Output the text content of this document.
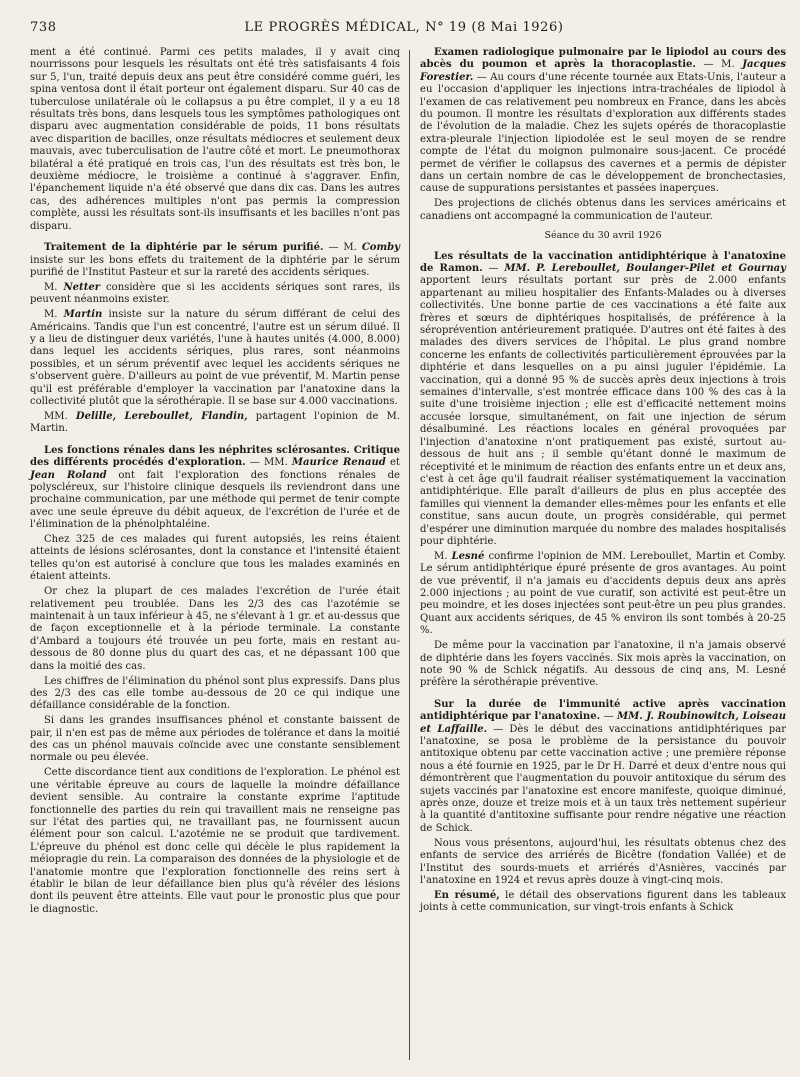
738	LE PROGRÈS MÉDICAL, N° 19 (8 Mai 1926)

ment a été continué. Parmi ces petits malades, il y avait cinq nourrissons pour lesquels les résultats ont été très satisfaisants 4 fois sur 5, l'un, traité depuis deux ans peut être considéré comme guéri, les spina ventosa dont il était porteur ont également disparu. Sur 40 cas de tuberculose unilatérale où le collapsus a pu être complet, il y a eu 18 résultats très bons, dans lesquels tous les symptômes pathologiques ont disparu avec augmentation considérable de poids, 11 bons résultats avec disparition de bacilles, onze résultats médiocres et seulement deux mauvais, avec tuberculisation de l'autre côté et mort. Le pneumothorax bilatéral a été pratiqué en trois cas, l'un des résultats est très bon, le deuxième médiocre, le troisième a continué à s'aggraver. Enfin, l'épanchement liquide n'a été observé que dans dix cas. Dans les autres cas, des adhérences multiples n'ont pas permis la compression complète, aussi les résultats sont-ils insuffisants et les bacilles n'ont pas disparu.

Traitement de la diphtérie par le sérum purifié. — M. Comby insiste sur les bons effets du traitement de la diphtérie par le sérum purifié de l'Institut Pasteur et sur la rareté des accidents sériques.

M. Netter considère que si les accidents sériques sont rares, ils peuvent néanmoins exister.

M. Martin insiste sur la nature du sérum différant de celui des Américains. Tandis que l'un est concentré, l'autre est un sérum dilué. Il y a lieu de distinguer deux variétés, l'une à hautes unités (4.000, 8.000) dans lequel les accidents sériques, plus rares, sont néanmoins possibles, et un sérum préventif avec lequel les accidents sériques ne s'observent guère. D'ailleurs au point de vue préventif, M. Martin pense qu'il est préférable d'employer la vaccination par l'anatoxine dans la collectivité plutôt que la sérothérapie. Il se base sur 4.000 vaccinations.

MM. Delille, Lereboullet, Flandin, partagent l'opinion de M. Martin.

Les fonctions rénales dans les néphrites sclérosantes. Critique des différents procédés d'exploration. — MM. Maurice Renaud et Jean Roland ont fait l'exploration des fonctions rénales de polyscléreux, sur l'histoire clinique desquels ils reviendront dans une prochaine communication, par une méthode qui permet de tenir compte avec une seule épreuve du débit aqueux, de l'excrétion de l'urée et de l'élimination de la phénolphtaléine.

Chez 325 de ces malades qui furent autopsiés, les reins étaient atteints de lésions sclérosantes, dont la constance et l'intensité étaient telles qu'on est autorisé à conclure que tous les malades examinés en étaient atteints.

Or chez la plupart de ces malades l'excrétion de l'urée était relativement peu troublée. Dans les 2/3 des cas l'azotémie se maintenait à un taux inférieur à 45, ne s'élevant à 1 gr. et au-dessus que de façon exceptionnelle et à la période terminale. La constante d'Ambard a toujours été trouvée un peu forte, mais en restant au-dessous de 80 donne plus du quart des cas, et ne dépassant 100 que dans la moitié des cas.

Les chiffres de l'élimination du phénol sont plus expressifs. Dans plus des 2/3 des cas elle tombe au-dessous de 20 ce qui indique une défaillance considérable de la fonction.

Si dans les grandes insuffisances phénol et constante baissent de pair, il n'en est pas de même aux périodes de tolérance et dans la moitié des cas un phénol mauvais coïncide avec une constante sensiblement normale ou peu élevée.

Cette discordance tient aux conditions de l'exploration. Le phénol est une véritable épreuve au cours de laquelle la moindre défaillance devient sensible. Au contraire la constante exprime l'aptitude fonctionnelle des parties du rein qui travaillent mais ne renseigne pas sur l'état des parties qui, ne travaillant pas, ne fournissent aucun élément pour son calcul. L'azotémie ne se produit que tardivement. L'épreuve du phénol est donc celle qui décèle le plus rapidement la méiopragie du rein. La comparaison des données de la physiologie et de l'anatomie montre que l'exploration fonctionnelle des reins sert à établir le bilan de leur défaillance bien plus qu'à révéler des lésions dont ils peuvent être atteints. Elle vaut pour le pronostic plus que pour le diagnostic.

Examen radiologique pulmonaire par le lipiodol au cours des abcès du poumon et après la thoracoplastie. — M. Jacques Forestier. — Au cours d'une récente tournée aux Etats-Unis, l'auteur a eu l'occasion d'appliquer les injections intra-trachéales de lipiodol à l'examen de cas relativement peu nombreux en France, dans les abcès du poumon. Il montre les résultats d'exploration aux différents stades de l'évolution de la maladie. Chez les sujets opérés de thoracoplastie extra-pleurale l'injection lipiodolée est le seul moyen de se rendre compte de l'état du moignon pulmonaire sous-jacent. Ce procédé permet de vérifier le collapsus des cavernes et a permis de dépister dans un certain nombre de cas le développement de bronchectasies, cause de suppurations persistantes et passées inaperçues.

Des projections de clichés obtenus dans les services américains et canadiens ont accompagné la communication de l'auteur.

Séance du 30 avril 1926

Les résultats de la vaccination antidiphtérique à l'anatoxine de Ramon. — MM. P. Lereboullet, Boulanger-Pilet et Gournay apportent leurs résultats portant sur près de 2.000 enfants appartenant au milieu hospitalier des Enfants-Malades ou à diverses collectivités. Une bonne partie de ces vaccinations a été faite aux frères et sœurs de diphtériques hospitalisés, de préférence à la séroprévention antérieurement pratiquée. D'autres ont été faites à des malades des divers services de l'hôpital. Le plus grand nombre concerne les enfants de collectivités particulièrement éprouvées par la diphtérie et dans lesquelles on a pu ainsi juguler l'épidémie. La vaccination, qui a donné 95 % de succès après deux injections à trois semaines d'intervalle, s'est montrée efficace dans 100 % des cas à la suite d'une troisième injection ; elle est d'efficacité nettement moins accusée lorsque, simultanément, on fait une injection de sérum désalbuminé. Les réactions locales en général provoquées par l'injection d'anatoxine n'ont pratiquement pas existé, surtout au-dessous de huit ans ; il semble qu'étant donné le maximum de réceptivité et le minimum de réaction des enfants entre un et deux ans, c'est à cet âge qu'il faudrait réaliser systématiquement la vaccination antidiphtérique. Elle paraît d'ailleurs de plus en plus acceptée des familles qui viennent la demander elles-mêmes pour les enfants et elle constitue, sans aucun doute, un progrès considérable, qui permet d'espérer une diminution marquée du nombre des malades hospitalisés pour diphtérie.

M. Lesné confirme l'opinion de MM. Lereboullet, Martin et Comby. Le sérum antidiphtérique épuré présente de gros avantages. Au point de vue préventif, il n'a jamais eu d'accidents depuis deux ans après 2.000 injections ; au point de vue curatif, son activité est peut-être un peu moindre, et les doses injectées sont peut-être un peu plus grandes. Quant aux accidents sériques, de 45 % environ ils sont tombés à 20-25 %.

De même pour la vaccination par l'anatoxine, il n'a jamais observé de diphtérie dans les foyers vaccinés. Six mois après la vaccination, on note 90 % de Schick négatifs. Au dessous de cinq ans, M. Lesné préfère la sérothérapie préventive.

Sur la durée de l'immunité active après vaccination antidiphtérique par l'anatoxine. — MM. J. Roubinowitch, Loiseau et Laffaille. — Dès le début des vaccinations antidiphtériques par l'anatoxine, se posa le problème de la persistance du pouvoir antitoxique obtenu par cette vaccination active ; une première réponse nous a été fournie en 1925, par le Dr H. Darré et deux d'entre nous qui démontrèrent que l'augmentation du pouvoir antitoxique du sérum des sujets vaccinés par l'anatoxine est encore manifeste, quoique diminué, après onze, douze et treize mois et à un taux très nettement supérieur à la quantité d'antitoxine suffisante pour rendre négative une réaction de Schick.

Nous vous présentons, aujourd'hui, les résultats obtenus chez des enfants de service des arriérés de Bicêtre (fondation Vallée) et de l'Institut des sourds-muets et arriérés d'Asnières, vaccinés par l'anatoxine en 1924 et revus après douze à vingt-cinq mois.

En résumé, le détail des observations figurent dans les tableaux joints à cette communication, sur vingt-trois enfants à Schick
